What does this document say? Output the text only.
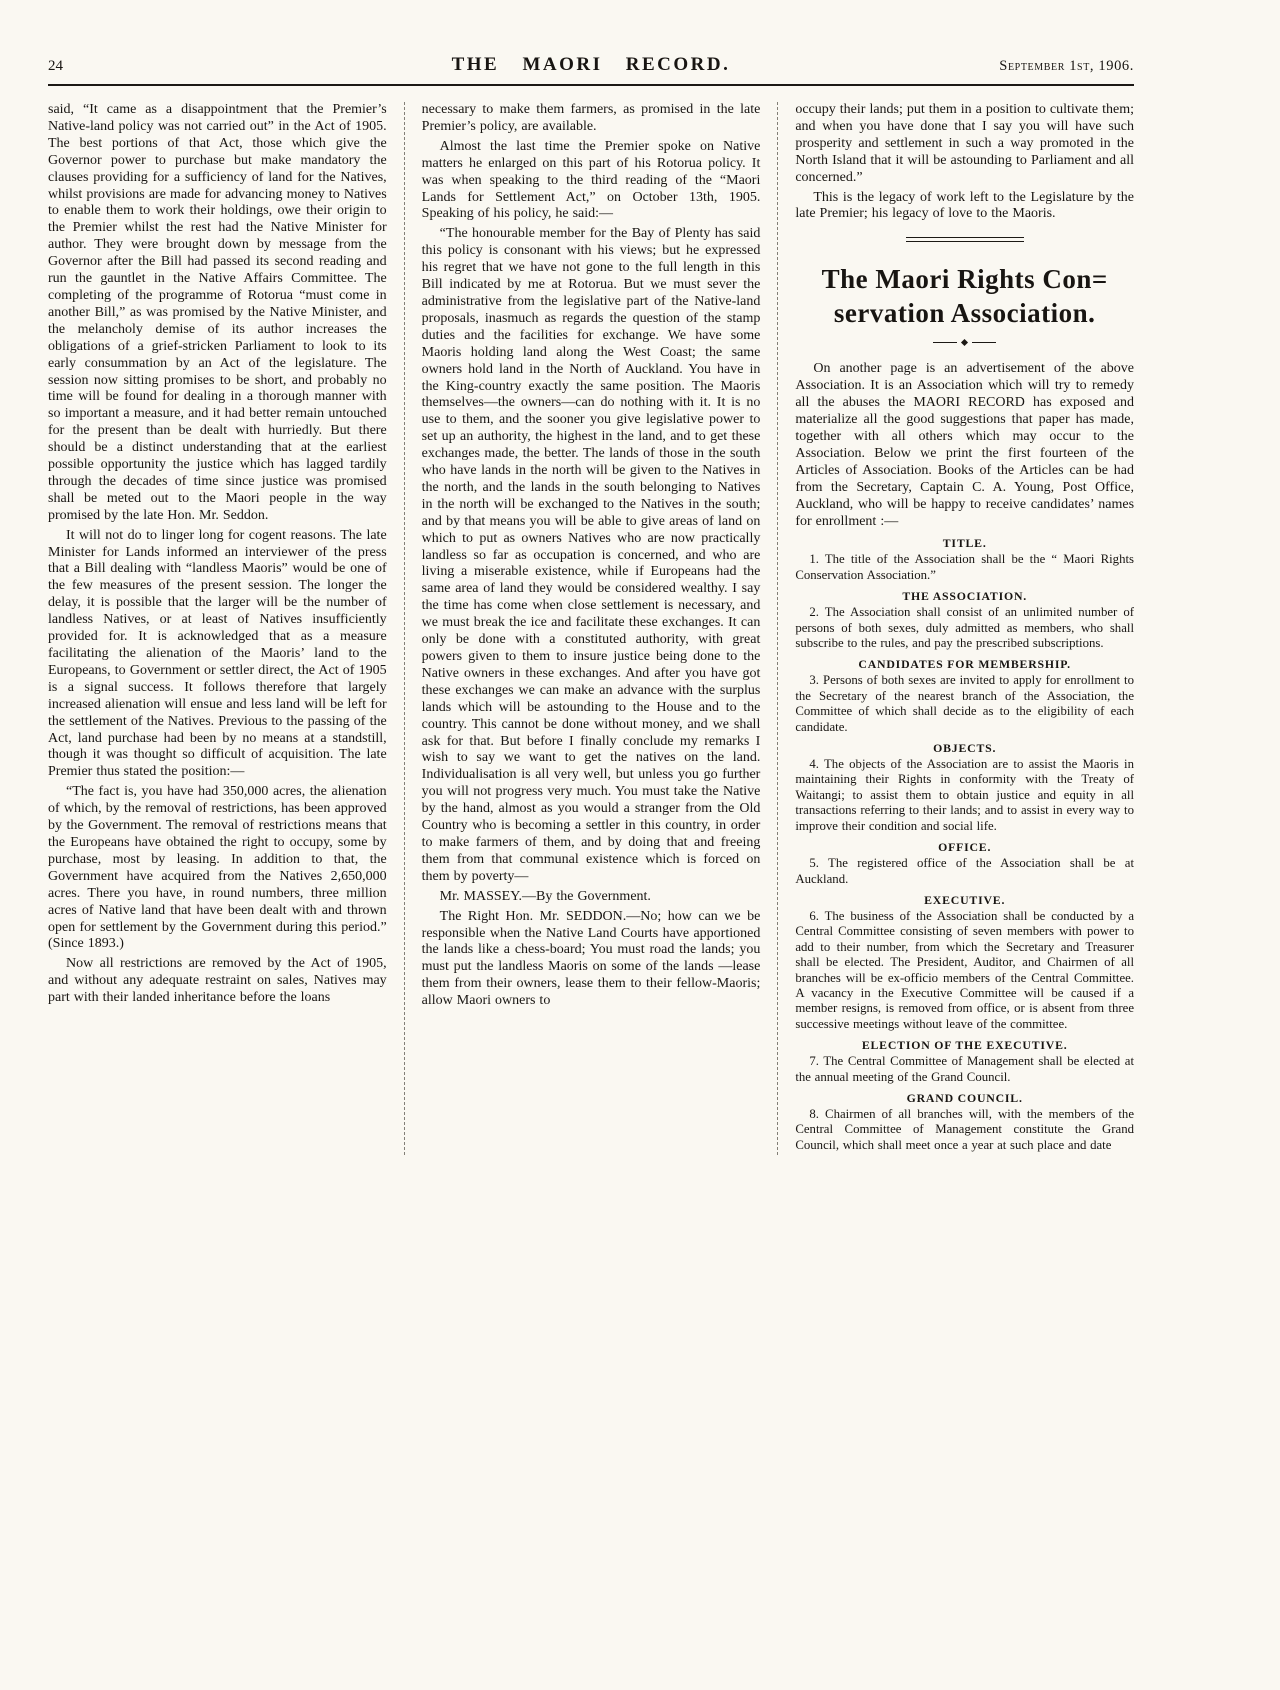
24	THE MAORI RECORD.	September 1st, 1906.

said, “It came as a disappointment that the Premier’s Native-land policy was not carried out” in the Act of 1905. The best portions of that Act, those which give the Governor power to purchase but make mandatory the clauses providing for a sufficiency of land for the Natives, whilst provisions are made for advancing money to Natives to enable them to work their holdings, owe their origin to the Premier whilst the rest had the Native Minister for author. They were brought down by message from the Governor after the Bill had passed its second reading and run the gauntlet in the Native Affairs Committee. The completing of the programme of Rotorua “must come in another Bill,” as was promised by the Native Minister, and the melancholy demise of its author increases the obligations of a grief-stricken Parliament to look to its early consummation by an Act of the legislature. The session now sitting promises to be short, and probably no time will be found for dealing in a thorough manner with so important a measure, and it had better remain untouched for the present than be dealt with hurriedly. But there should be a distinct understanding that at the earliest possible opportunity the justice which has lagged tardily through the decades of time since justice was promised shall be meted out to the Maori people in the way promised by the late Hon. Mr. Seddon.

It will not do to linger long for cogent reasons. The late Minister for Lands informed an interviewer of the press that a Bill dealing with “landless Maoris” would be one of the few measures of the present session. The longer the delay, it is possible that the larger will be the number of landless Natives, or at least of Natives insufficiently provided for. It is acknowledged that as a measure facilitating the alienation of the Maoris’ land to the Europeans, to Government or settler direct, the Act of 1905 is a signal success. It follows therefore that largely increased alienation will ensue and less land will be left for the settlement of the Natives. Previous to the passing of the Act, land purchase had been by no means at a standstill, though it was thought so difficult of acquisition. The late Premier thus stated the position:—

“The fact is, you have had 350,000 acres, the alienation of which, by the removal of restrictions, has been approved by the Government. The removal of restrictions means that the Europeans have obtained the right to occupy, some by purchase, most by leasing. In addition to that, the Government have acquired from the Natives 2,650,000 acres. There you have, in round numbers, three million acres of Native land that have been dealt with and thrown open for settlement by the Government during this period.” (Since 1893.)

Now all restrictions are removed by the Act of 1905, and without any adequate restraint on sales, Natives may part with their landed inheritance before the loans

necessary to make them farmers, as promised in the late Premier’s policy, are available.

Almost the last time the Premier spoke on Native matters he enlarged on this part of his Rotorua policy. It was when speaking to the third reading of the “Maori Lands for Settlement Act,” on October 13th, 1905. Speaking of his policy, he said:—

“The honourable member for the Bay of Plenty has said this policy is consonant with his views; but he expressed his regret that we have not gone to the full length in this Bill indicated by me at Rotorua. But we must sever the administrative from the legislative part of the Native-land proposals, inasmuch as regards the question of the stamp duties and the facilities for exchange. We have some Maoris holding land along the West Coast; the same owners hold land in the North of Auckland. You have in the King-country exactly the same position. The Maoris themselves—the owners—can do nothing with it. It is no use to them, and the sooner you give legislative power to set up an authority, the highest in the land, and to get these exchanges made, the better. The lands of those in the south who have lands in the north will be given to the Natives in the north, and the lands in the south belonging to Natives in the north will be exchanged to the Natives in the south; and by that means you will be able to give areas of land on which to put as owners Natives who are now practically landless so far as occupation is concerned, and who are living a miserable existence, while if Europeans had the same area of land they would be considered wealthy. I say the time has come when close settlement is necessary, and we must break the ice and facilitate these exchanges. It can only be done with a constituted authority, with great powers given to them to insure justice being done to the Native owners in these exchanges. And after you have got these exchanges we can make an advance with the surplus lands which will be astounding to the House and to the country. This cannot be done without money, and we shall ask for that. But before I finally conclude my remarks I wish to say we want to get the natives on the land. Individualisation is all very well, but unless you go further you will not progress very much. You must take the Native by the hand, almost as you would a stranger from the Old Country who is becoming a settler in this country, in order to make farmers of them, and by doing that and freeing them from that communal existence which is forced on them by poverty—

Mr. MASSEY.—By the Government.

The Right Hon. Mr. SEDDON.—No; how can we be responsible when the Native Land Courts have apportioned the lands like a chess-board; You must road the lands; you must put the landless Maoris on some of the lands —lease them from their owners, lease them to their fellow-Maoris; allow Maori owners to

occupy their lands; put them in a position to cultivate them; and when you have done that I say you will have such prosperity and settlement in such a way promoted in the North Island that it will be astounding to Parliament and all concerned.”

This is the legacy of work left to the Legislature by the late Premier; his legacy of love to the Maoris.

The Maori Rights Con=
servation Association.

On another page is an advertisement of the above Association. It is an Association which will try to remedy all the abuses the MAORI RECORD has exposed and materialize all the good suggestions that paper has made, together with all others which may occur to the Association. Below we print the first fourteen of the Articles of Association. Books of the Articles can be had from the Secretary, Captain C. A. Young, Post Office, Auckland, who will be happy to receive candidates’ names for enrollment :—

TITLE.

1. The title of the Association shall be the “ Maori Rights Conservation Association.”

THE ASSOCIATION.

2. The Association shall consist of an unlimited number of persons of both sexes, duly admitted as members, who shall subscribe to the rules, and pay the prescribed subscriptions.

CANDIDATES FOR MEMBERSHIP.

3. Persons of both sexes are invited to apply for enrollment to the Secretary of the nearest branch of the Association, the Committee of which shall decide as to the eligibility of each candidate.

OBJECTS.

4. The objects of the Association are to assist the Maoris in maintaining their Rights in conformity with the Treaty of Waitangi; to assist them to obtain justice and equity in all transactions referring to their lands; and to assist in every way to improve their condition and social life.

OFFICE.

5. The registered office of the Association shall be at Auckland.

EXECUTIVE.

6. The business of the Association shall be conducted by a Central Committee consisting of seven members with power to add to their number, from which the Secretary and Treasurer shall be elected. The President, Auditor, and Chairmen of all branches will be ex-officio members of the Central Committee. A vacancy in the Executive Committee will be caused if a member resigns, is removed from office, or is absent from three successive meetings without leave of the committee.

ELECTION OF THE EXECUTIVE.

7. The Central Committee of Management shall be elected at the annual meeting of the Grand Council.

GRAND COUNCIL.

8. Chairmen of all branches will, with the members of the Central Committee of Management constitute the Grand Council, which shall meet once a year at such place and date
